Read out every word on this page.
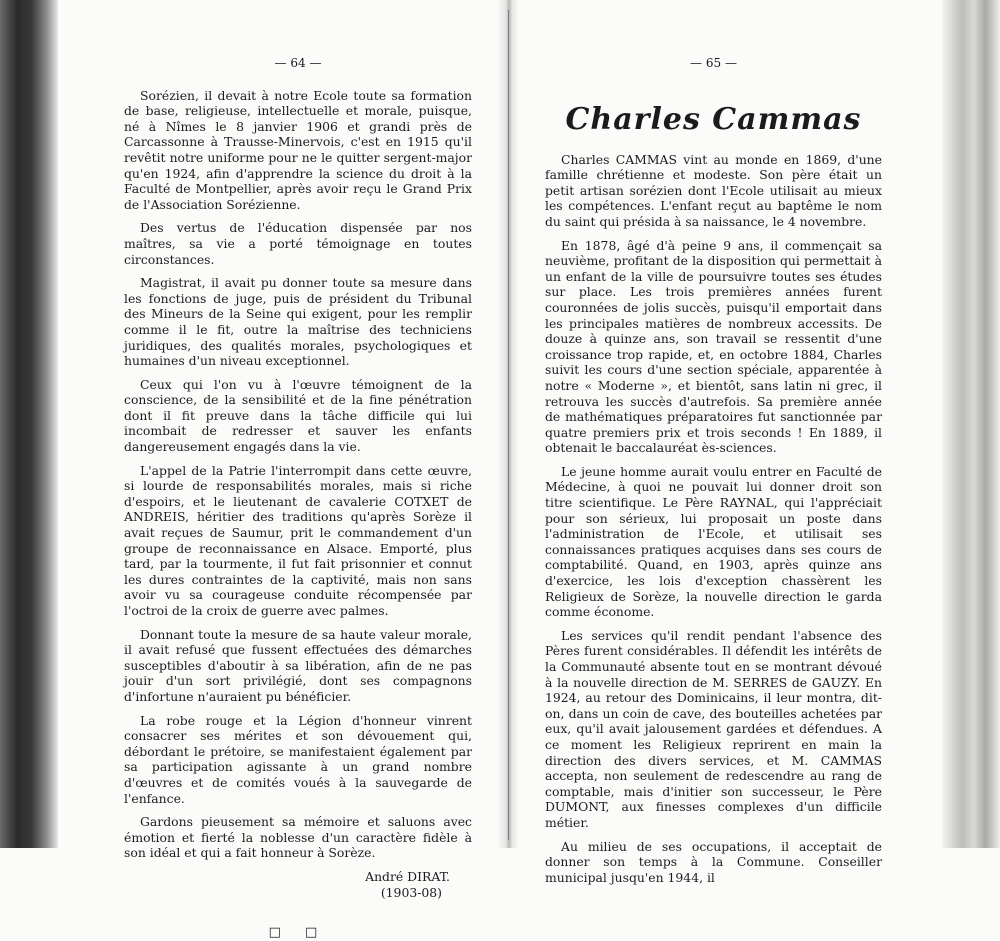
— 64 —

Sorézien, il devait à notre Ecole toute sa formation de base, religieuse, intellectuelle et morale, puisque, né à Nîmes le 8 janvier 1906 et grandi près de Carcassonne à Trausse-Minervois, c'est en 1915 qu'il revêtit notre uniforme pour ne le quitter sergent-major qu'en 1924, afin d'apprendre la science du droit à la Faculté de Montpellier, après avoir reçu le Grand Prix de l'Association Sorézienne.

Des vertus de l'éducation dispensée par nos maîtres, sa vie a porté témoignage en toutes circonstances.

Magistrat, il avait pu donner toute sa mesure dans les fonctions de juge, puis de président du Tribunal des Mineurs de la Seine qui exigent, pour les remplir comme il le fit, outre la maîtrise des techniciens juridiques, des qualités morales, psychologiques et humaines d'un niveau exceptionnel.

Ceux qui l'on vu à l'œuvre témoignent de la conscience, de la sensibilité et de la fine pénétration dont il fit preuve dans la tâche difficile qui lui incombait de redresser et sauver les enfants dangereusement engagés dans la vie.

L'appel de la Patrie l'interrompit dans cette œuvre, si lourde de responsabilités morales, mais si riche d'espoirs, et le lieutenant de cavalerie COTXET de ANDREIS, héritier des traditions qu'après Sorèze il avait reçues de Saumur, prit le commandement d'un groupe de reconnaissance en Alsace. Emporté, plus tard, par la tourmente, il fut fait prisonnier et connut les dures contraintes de la captivité, mais non sans avoir vu sa courageuse conduite récompensée par l'octroi de la croix de guerre avec palmes.

Donnant toute la mesure de sa haute valeur morale, il avait refusé que fussent effectuées des démarches susceptibles d'aboutir à sa libération, afin de ne pas jouir d'un sort privilégié, dont ses compagnons d'infortune n'auraient pu bénéficier.

La robe rouge et la Légion d'honneur vinrent consacrer ses mérites et son dévouement qui, débordant le prétoire, se manifestaient également par sa participation agissante à un grand nombre d'œuvres et de comités voués à la sauvegarde de l'enfance.

Gardons pieusement sa mémoire et saluons avec émotion et fierté la noblesse d'un caractère fidèle à son idéal et qui a fait honneur à Sorèze.

André DIRAT.
(1903-08)
□ □
— 65 —
Charles Cammas

Charles CAMMAS vint au monde en 1869, d'une famille chrétienne et modeste. Son père était un petit artisan sorézien dont l'Ecole utilisait au mieux les compétences. L'enfant reçut au baptême le nom du saint qui présida à sa naissance, le 4 novembre.

En 1878, âgé d'à peine 9 ans, il commençait sa neuvième, profitant de la disposition qui permettait à un enfant de la ville de poursuivre toutes ses études sur place. Les trois premières années furent couronnées de jolis succès, puisqu'il emportait dans les principales matières de nombreux accessits. De douze à quinze ans, son travail se ressentit d'une croissance trop rapide, et, en octobre 1884, Charles suivit les cours d'une section spéciale, apparentée à notre « Moderne », et bientôt, sans latin ni grec, il retrouva les succès d'autrefois. Sa première année de mathématiques préparatoires fut sanctionnée par quatre premiers prix et trois seconds ! En 1889, il obtenait le baccalauréat ès-sciences.

Le jeune homme aurait voulu entrer en Faculté de Médecine, à quoi ne pouvait lui donner droit son titre scientifique. Le Père RAYNAL, qui l'appréciait pour son sérieux, lui proposait un poste dans l'administration de l'Ecole, et utilisait ses connaissances pratiques acquises dans ses cours de comptabilité. Quand, en 1903, après quinze ans d'exercice, les lois d'exception chassèrent les Religieux de Sorèze, la nouvelle direction le garda comme économe.

Les services qu'il rendit pendant l'absence des Pères furent considérables. Il défendit les intérêts de la Communauté absente tout en se montrant dévoué à la nouvelle direction de M. SERRES de GAUZY. En 1924, au retour des Dominicains, il leur montra, dit-on, dans un coin de cave, des bouteilles achetées par eux, qu'il avait jalousement gardées et défendues. A ce moment les Religieux reprirent en main la direction des divers services, et M. CAMMAS accepta, non seulement de redescendre au rang de comptable, mais d'initier son successeur, le Père DUMONT, aux finesses complexes d'un difficile métier.

Au milieu de ses occupations, il acceptait de donner son temps à la Commune. Conseiller municipal jusqu'en 1944, il
